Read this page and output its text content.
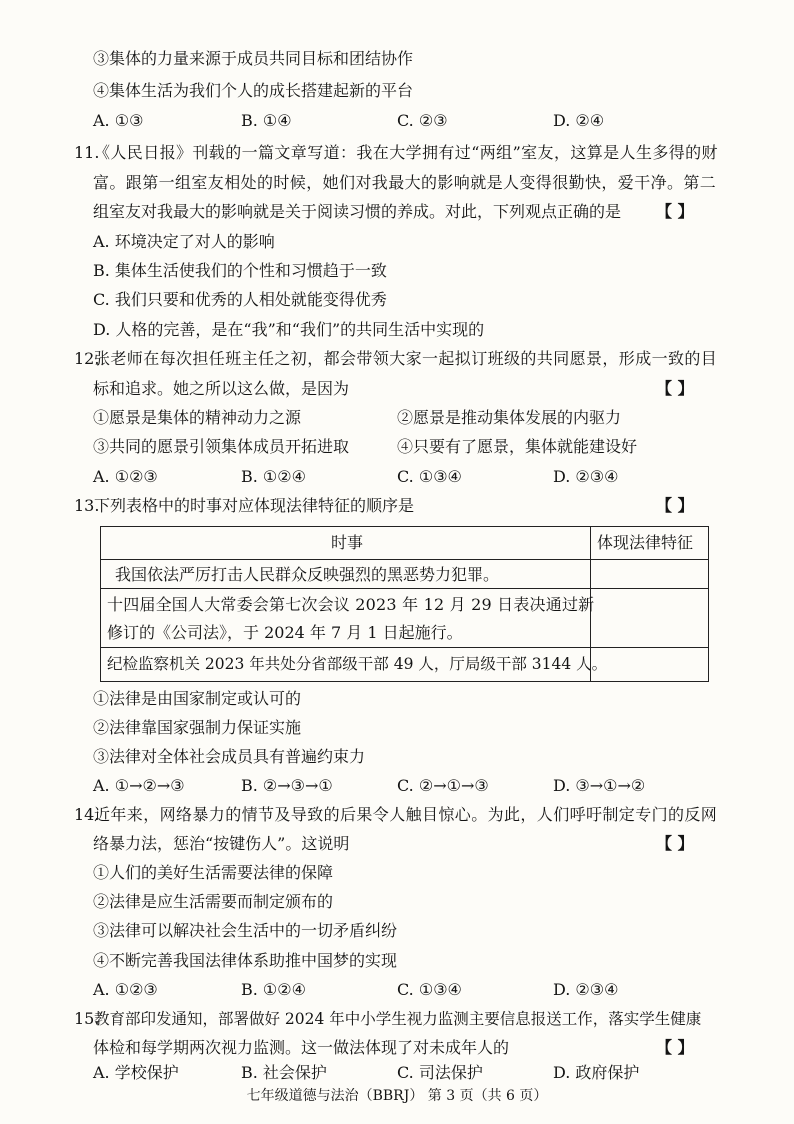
③集体的力量来源于成员共同目标和团结协作
④集体生活为我们个人的成长搭建起新的平台
A. ①③	B. ①④	C. ②③	D. ②④
11.
《人民日报》刊载的一篇文章写道：我在大学拥有过“两组”室友，这算是人生多得的财
富。跟第一组室友相处的时候，她们对我最大的影响就是人变得很勤快，爱干净。第二
组室友对我最大的影响就是关于阅读习惯的养成。对此，下列观点正确的是 【 】
A. 环境决定了对人的影响
B. 集体生活使我们的个性和习惯趋于一致
C. 我们只要和优秀的人相处就能变得优秀
D. 人格的完善，是在“我”和“我们”的共同生活中实现的
12.
张老师在每次担任班主任之初，都会带领大家一起拟订班级的共同愿景，形成一致的目
标和追求。她之所以这么做，是因为	【 】
①愿景是集体的精神动力之源	②愿景是推动集体发展的内驱力
③共同的愿景引领集体成员开拓进取	④只要有了愿景，集体就能建设好
A. ①②③	B. ①②④	C. ①③④	D. ②③④
13.
下列表格中的时事对应体现法律特征的顺序是	【 】
时事	体现法律特征
我国依法严厉打击人民群众反映强烈的黑恶势力犯罪。
十四届全国人大常委会第七次会议 2023 年 12 月 29 日表决通过新
修订的《公司法》，于 2024 年 7 月 1 日起施行。
纪检监察机关 2023 年共处分省部级干部 49 人，厅局级干部 3144 人。
①法律是由国家制定或认可的
②法律靠国家强制力保证实施
③法律对全体社会成员具有普遍约束力
A. ①→②→③	B. ②→③→①	C. ②→①→③	D. ③→①→②
14.
近年来，网络暴力的情节及导致的后果令人触目惊心。为此，人们呼吁制定专门的反网
络暴力法，惩治“按键伤人”。这说明	【 】
①人们的美好生活需要法律的保障
②法律是应生活需要而制定颁布的
③法律可以解决社会生活中的一切矛盾纠纷
④不断完善我国法律体系助推中国梦的实现
A. ①②③	B. ①②④	C. ①③④	D. ②③④
15.
教育部印发通知，部署做好 2024 年中小学生视力监测主要信息报送工作，落实学生健康
体检和每学期两次视力监测。这一做法体现了对未成年人的	【 】
A. 学校保护	B. 社会保护	C. 司法保护	D. 政府保护
七年级道德与法治（BBRJ） 第 3 页（共 6 页）
